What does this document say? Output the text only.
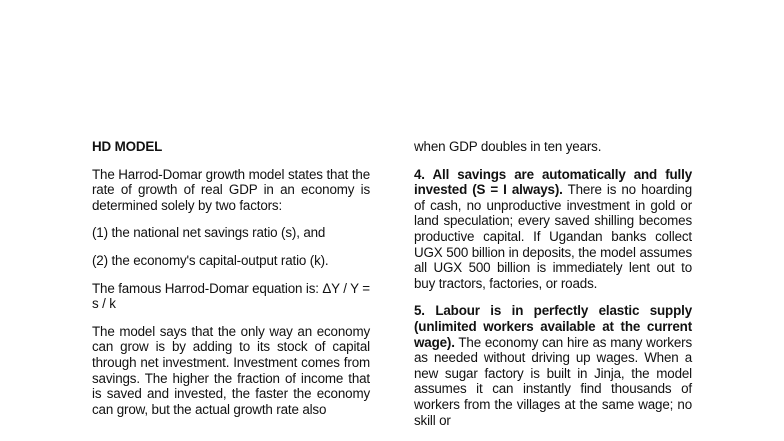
HD MODEL

The Harrod-Domar growth model states that the rate of growth of real GDP in an economy is determined solely by two factors:

(1) the national net savings ratio (s), and

(2) the economy's capital-output ratio (k).

The famous Harrod-Domar equation is: ΔY / Y = s / k

The model says that the only way an economy can grow is by adding to its stock of capital through net investment. Investment comes from savings. The higher the fraction of income that is saved and invested, the faster the economy can grow, but the actual growth rate also

when GDP doubles in ten years.

4. All savings are automatically and fully invested (S = I always). There is no hoarding of cash, no unproductive investment in gold or land speculation; every saved shilling becomes productive capital. If Ugandan banks collect UGX 500 billion in deposits, the model assumes all UGX 500 billion is immediately lent out to buy tractors, factories, or roads.

5. Labour is in perfectly elastic supply (unlimited workers available at the current wage). The economy can hire as many workers as needed without driving up wages. When a new sugar factory is built in Jinja, the model assumes it can instantly find thousands of workers from the villages at the same wage; no skill or
